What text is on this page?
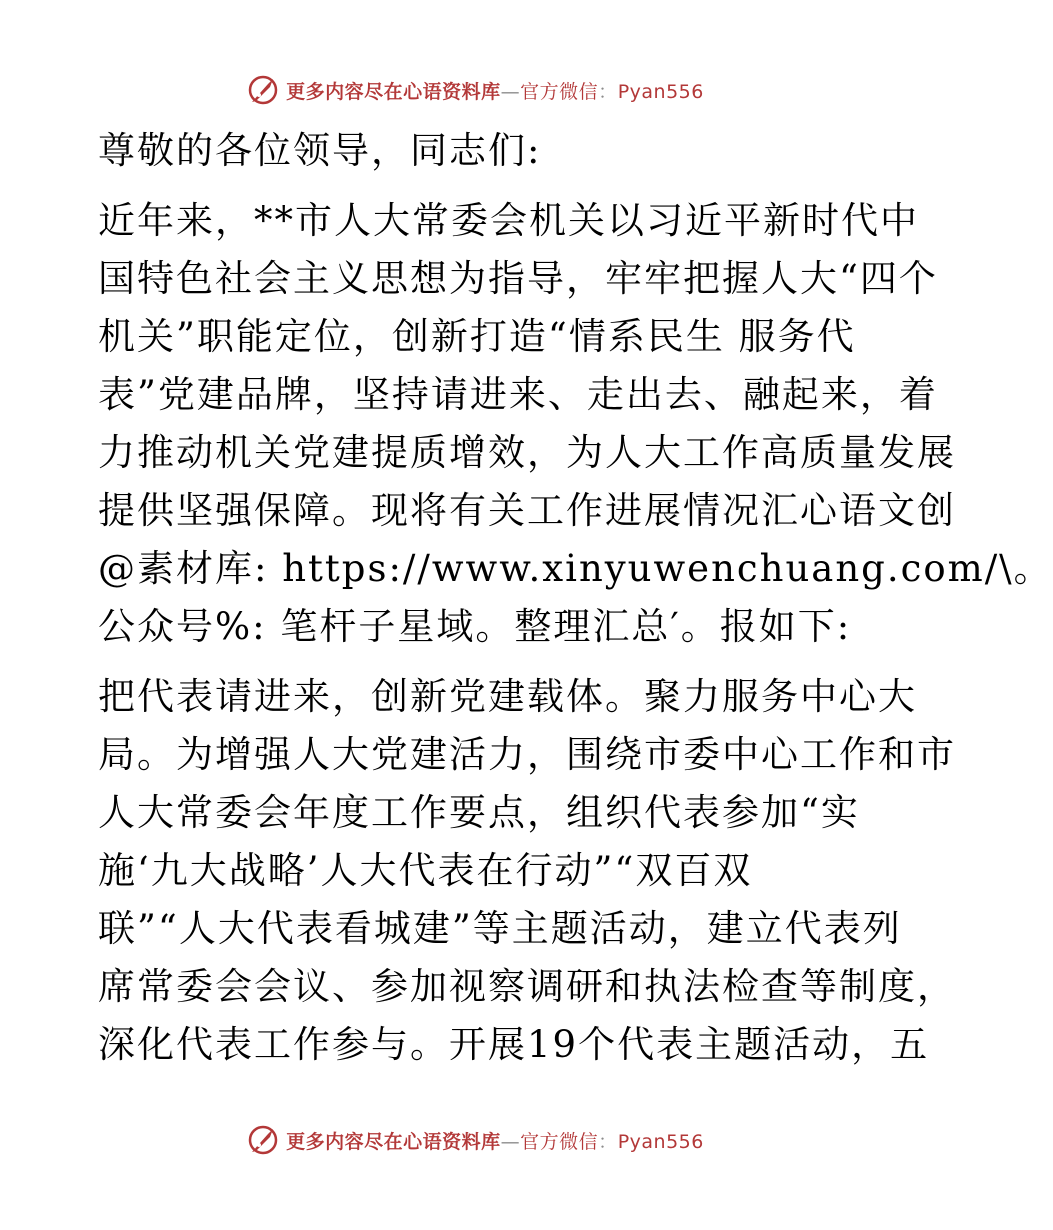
更多内容尽在心语资料库—官方微信：Pyan556

尊敬的各位领导，同志们:

近年来，**市人大常委会机关以习近平新时代中

国特色社会主义思想为指导，牢牢把握人大“四个

机关”职能定位，创新打造“情系民生 服务代

表”党建品牌，坚持请进来、走出去、融起来，着

力推动机关党建提质增效，为人大工作高质量发展

提供坚强保障。现将有关工作进展情况汇心语文创

@素材库: https://www.xinyuwenchuang.com/\。

公众号%: 笔杆子星域。整理汇总′。报如下:

把代表请进来，创新党建载体。聚力服务中心大

局。为增强人大党建活力，围绕市委中心工作和市

人大常委会年度工作要点，组织代表参加“实

施‘九大战略’人大代表在行动”“双百双

联”“人大代表看城建”等主题活动，建立代表列

席常委会会议、参加视察调研和执法检查等制度，

深化代表工作参与。开展19个代表主题活动，五

更多内容尽在心语资料库—官方微信：Pyan556
